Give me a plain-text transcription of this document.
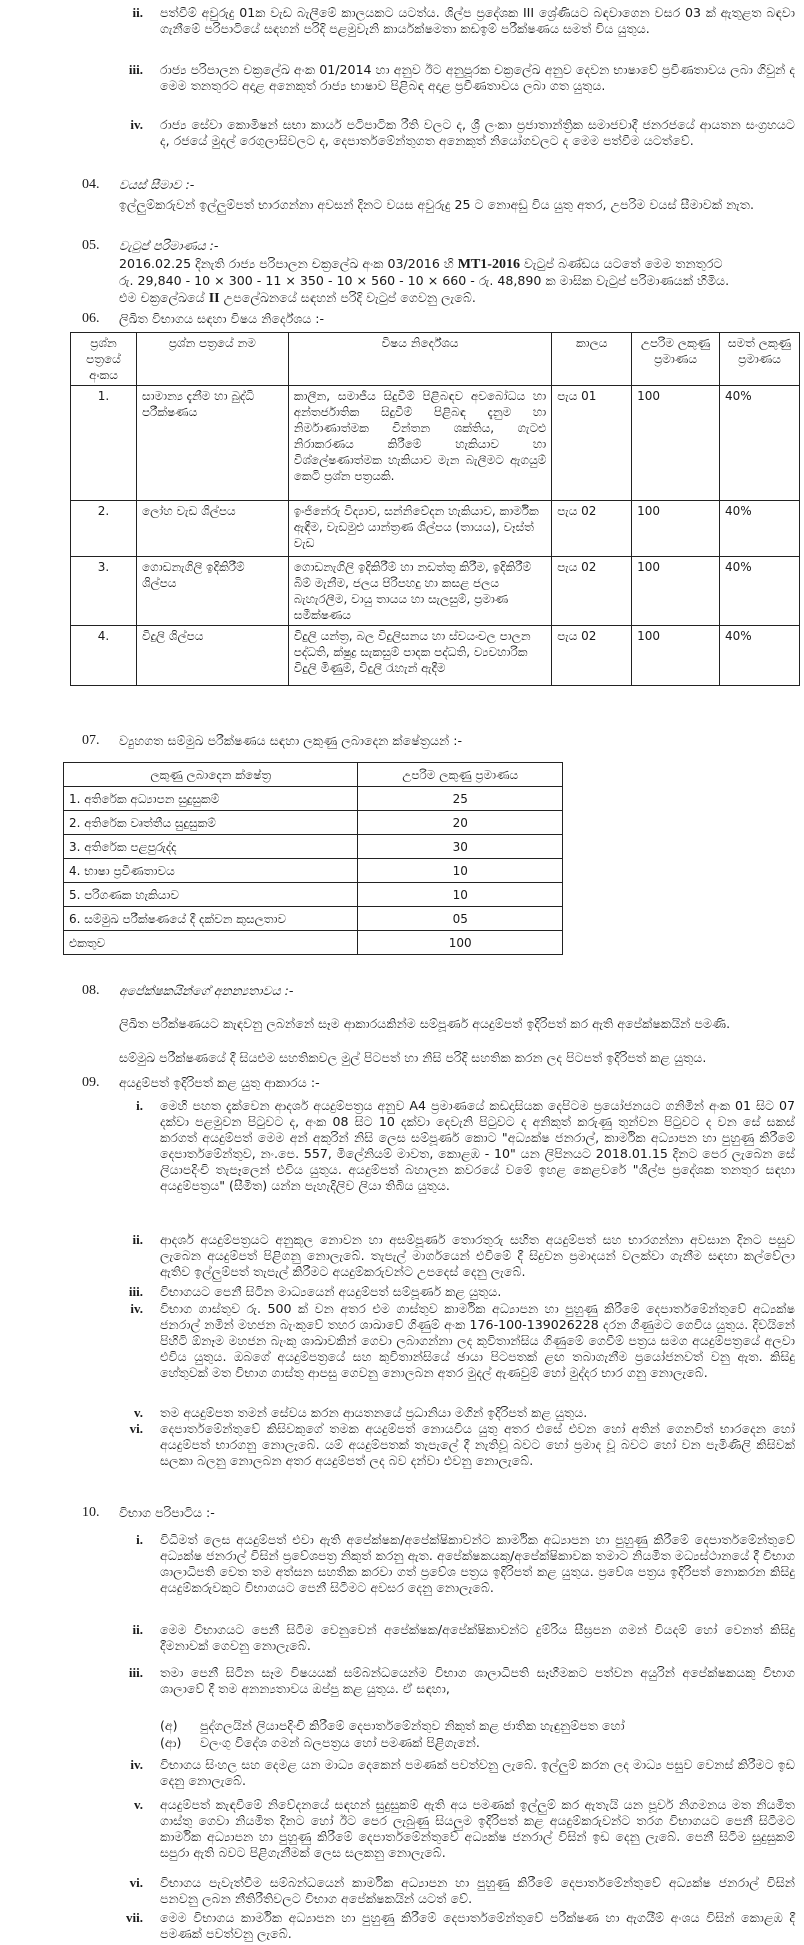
ii. පත්වීම් අවුරුදු 01ක වැඩ බැලීමේ කාලයකට යටත්ය. ශිල්ප ප්‍රදේශක III ශ්‍රේණියට බඳවාගෙන වසර 03 ක් ඇතුළත බඳවා ගැනීමේ පරිපාටියේ සඳහන් පරිදි පළමුවැනි කාර්යක්ෂමතා කඩඉම් පරීක්ෂණය සමත් විය යුතුය.
iii. රාජ්‍ය පරිපාලන චක්‍රලේඛ අංක 01/2014 හා අනුව ඊට අනුපූරක චක්‍රලේඛ අනුව දෙවන භාෂාවේ ප්‍රවීණතාවය ලබා ගිවුන් ද මෙම තනතුරට අදාළ අනෙකුත් රාජ්‍ය භාෂාව පිළිබඳ අදාළ ප්‍රවීණතාවය ලබා ගත යුතුය.
iv. රාජ්‍ය සේවා කොමිෂන් සභා කාර්ය පටිපාටික රීති වලට ද, ශ්‍රී ලංකා ප්‍රජාතාන්ත්‍රික සමාජවාදී ජනරජයේ ආයතන සංග්‍රහයට ද, රජයේ මුදල් රෙගුලාසිවලට ද, දෙපාර්තමේන්තුගත අනෙකුත් නියෝගවලට ද මෙම පත්වීම යටත්වේ.
04. වයස් සීමාව :-
ඉල්ලුම්කරුවන් ඉල්ලුම්පත් භාරගන්නා අවසන් දිනට වයස අවුරුදු 25 ට නොඅඩු විය යුතු අතර, උපරිම වයස් සීමාවක් නැත.
05. වැටුප් පරිමාණය :-
2016.02.25 දිනැති රාජ්‍ය පරිපාලන චක්‍රලේඛ අංක 03/2016 හි MT1-2016 වැටුප් බණ්ඩය යටතේ මෙම තනතුරට
රු. 29,840 - 10 × 300 - 11 × 350 - 10 × 560 - 10 × 660 - රු. 48,890 ක මාසික වැටුප් පරිමාණයක් හිමිය.
එම චක්‍රලේඛයේ II උපලේඛනයේ සඳහන් පරිදි වැටුප් ගෙවනු ලැබේ.
06. ලිඛිත විභාගය සඳහා විෂය නිර්දේශය :-
ප්‍රශ්න පත්‍රයේ අංකය	ප්‍රශ්න පත්‍රයේ නම	විෂය නිර්දේශය	කාලය	උපරිම ලකුණු ප්‍රමාණය	සමත් ලකුණු ප්‍රමාණය
1.	සාමාන්‍ය දැනීම හා බුද්ධි පරීක්ෂණය	කාලීන, සමාජීය සිදුවීම් පිළිබඳව අවබෝධය හා අන්තර්ජාතික සිදුවීම් පිළිබඳ දැනුම හා නිර්මාණාත්මක චින්තන ශක්තිය, ගැටළු නිරාකරණය කිරීමේ හැකියාව හා විශ්ලේෂණාත්මක හැකියාව මැන බැලීමට ඇගයුම් කෙටි ප්‍රශ්න පත්‍රයකි.	පැය 01	100	40%
2.	ලෝහ වැඩ ශිල්පය	ඉංජිනේරු විද්‍යාව, සන්නිවේදන හැකියාව, කාර්මික ඇඳීම, වැඩමුළු යාන්ත්‍රණ ශිල්පය (තායය), වෑස්ත් වැඩ	පැය 02	100	40%
3.	ගොඩනැගිලි ඉදිකිරීම් ශිල්පය	ගොඩනැගිලි ඉදිකිරීම් හා නඩත්තු කිරීම, ඉදිකිරීම් බිම් මැනීම, ජලය පිරිපහදු හා කසළ ජලය බැහැරලීම, වායු තායය හා සැලසුම්, ප්‍රමාණ සමීක්ෂණය	පැය 02	100	40%
4.	විදුලි ශිල්පය	විදුලි යන්ත්‍ර, බල විදුලිසනය හා ස්වයංචල පාලන පද්ධති, ක්ෂුද්‍ර සැකසුම් පාදක පද්ධති, ව්‍යවහාරික විදුලි මිණුම්, විදුලි රැහැන් ඇදීම	පැය 02	100	40%
07. ව්‍යුහගත සම්මුඛ පරීක්ෂණය සඳහා ලකුණු ලබාදෙන ක්ෂේත්‍රයන් :-
ලකුණු ලබාදෙන ක්ෂේත්‍ර	උපරිම ලකුණු ප්‍රමාණය
1. අතිරේක අධ්‍යාපන සුදුසුකම්	25
2. අතිරේක වෘත්තීය සුදුසුකම්	20
3. අතිරේක පළපුරුද්ද	30
4. භාෂා ප්‍රවීණතාවය	10
5. පරිගණක හැකියාව	10
6. සම්මුඛ පරීක්ෂණයේ දී දක්වන කුසලතාව	05
එකතුව	100
08. අපේක්ෂකයින්ගේ අනන්‍යතාවය :-
ලිඛිත පරීක්ෂණයට කැඳවනු ලබන්නේ සෑම ආකාරයකින්ම සම්පූර්ණ අයදුම්පත් ඉදිරිපත් කර ඇති අපේක්ෂකයින් පමණි.
සම්මුඛ පරීක්ෂණයේ දී සියළුම සහතිකවල මුල් පිටපත් හා නිසි පරිදි සහතික කරන ලද පිටපත් ඉදිරිපත් කළ යුතුය.
09. අයදුම්පත් ඉදිරිපත් කළ යුතු ආකාරය :-
i. මෙහි පහත දැක්වෙන ආදර්ශ අයදුම්පත්‍රය අනුව A4 ප්‍රමාණයේ කඩදාසියක දෙපිටම ප්‍රයෝජනයට ගනිමින් අංක 01 සිට 07 දක්වා පළමුවන පිටුවට ද, අංක 08 සිට 10 දක්වා දෙවැනි පිටුවට ද අනිකුත් කරුණු තුන්වන පිටුවට ද වන සේ සකස් කරගත් අයදුම්පත් මෙම අන් අකුරින් නිසි ලෙස සම්පූර්ණ කොට "අධ්‍යක්ෂ ජනරාල්, කාර්මික අධ්‍යාපන හා පුහුණු කිරීමේ දෙපාර්තමේන්තුව, නං.පෙ. 557, මිලේනියම් මාවත, කොළඹ - 10" යන ලිපිනයට 2018.01.15 දිනට පෙර ලැබෙන සේ ලියාපදිංචි තැපෑලෙන් එවිය යුතුය. අයදුම්පත් බහාලන කවරයේ වමේ ඉහළ කෙළවරේ "ශිල්ප ප්‍රදේශක තනතුර සඳහා අයදුම්පත්‍රය" (සීමිත) යන්න පැහැදිලිව ලියා තිබිය යුතුය.
ii. ආදර්ශ අයදුම්පත්‍රයට අනුකූල නොවන හා අසම්පූර්ණ තොරතුරු සහිත අයදුම්පත් සහ භාරගන්නා අවසාන දිනට පසුව ලැබෙන අයදුම්පත් පිළිගනු නොලැබේ. තැපැල් මාර්ගයෙන් එවීමේ දී සිදුවන ප්‍රමාදයන් වලක්වා ගැනීම සඳහා කල්වේලා ඇතිව ඉල්ලුම්පත් තැපැල් කිරීමට අයදුම්කරුවන්ට උපදෙස් දෙනු ලැබේ.
iii. විභාගයට පෙනී සිටින මාධ්‍යයෙන් අයදුම්පත් සම්පූර්ණ කළ යුතුය.
iv. විභාග ගාස්තුව රු. 500 ක් වන අතර එම ගාස්තුව කාර්මික අධ්‍යාපන හා පුහුණු කිරීමේ දෙපාර්තමේන්තුවේ අධ්‍යක්ෂ ජනරාල් නමින් මහජන බැංකුවේ තහර ශාඛාවේ ගිණුම් අංක 176-100-139026228 දරන ගිණුමට ගෙවිය යුතුය. දිවයිනේ පිහිටි ඕනෑම මහජන බැංකු ශාඛාවකින් ගෙවා ලබාගන්නා ලද කුවිතාන්සිය ගිණුමේ ගෙවීම් පත්‍රය සමග අයදුම්පත්‍රයේ අලවා එවිය යුතුය. ඔබගේ අයදුම්පත්‍රයේ සහ කුවිතාන්සියේ ඡායා පිටපතක් ළඟ තබාගැනීම ප්‍රයෝජනවත් වනු ඇත. කිසිදු හේතුවක් මත විභාග ගාස්තු ආපසු ගෙවනු නොලබන අතර මුදල් ඇණවුම් හෝ මුද්දර භාර ගනු නොලැබේ.
v. තම අයදුම්පත තමන් සේවය කරන ආයතනයේ ප්‍රධානියා මගින් ඉදිරිපත් කළ යුතුය.
vi. දෙපාර්තමේන්තුවේ කිසිවකුගේ තමක අයදුම්පත් නොයවිය යුතු අතර එසේ එවන හෝ අතින් ගෙනවිත් භාරදෙන හෝ අයදුම්පත් භාරගනු නොලැබේ. යම් අයදුම්පතක් තැපැලේ දී නැතිවූ බවට හෝ ප්‍රමාද වූ බවට හෝ වන පැමිණිලි කිසිවක් සලකා බලනු නොලබන අතර අයදුම්පත් ලද බව දන්වා එවනු නොලැබේ.
10. විභාග පරිපාටිය :-
i. විධිමත් ලෙස අයදුම්පත් එවා ඇති අපේක්ෂක/අපේක්ෂිකාවන්ට කාර්මික අධ්‍යාපන හා පුහුණු කිරීමේ දෙපාර්තමේන්තුවේ අධ්‍යක්ෂ ජනරාල් විසින් ප්‍රවේශපත්‍ර නිකුත් කරනු ඇත. අපේක්ෂකයකු/අපේක්ෂිකාවක තමාට නියමිත මධ්‍යස්ථානයේ දී විභාග ශාලාධිපති වෙත තම අත්සන සහතික කරවා ගත් ප්‍රවේශ පත්‍රය ඉදිරිපත් කළ යුතුය. ප්‍රවේශ පත්‍රය ඉදිරිපත් නොකරන කිසිදු අයදුම්කරුවකුට විභාගයට පෙනී සිටීමට අවසර දෙනු නොලැබේ.
ii. මෙම විභාගයට පෙනී සිටීම වෙනුවෙන් අපේක්ෂක/අපේක්ෂිකාවන්ට දුම්රිය සීඝ්‍රපන ගමන් වියදම් හෝ වෙනත් කිසිදු දීමනාවක් ගෙවනු නොලැබේ.
iii. තමා පෙනී සිටින සෑම විෂයයක් සම්බන්ධයෙන්ම විභාග ශාලාධිපති සෑහීමකට පත්වන අයුරින් අපේක්ෂකයකු විභාග ශාලාවේ දී තම අනන්‍යතාවය ඔප්පු කළ යුතුය. ඒ සඳහා,
(අ) පුද්ගලයින් ලියාපදිංචි කිරීමේ දෙපාර්තමේන්තුව නිකුත් කළ ජාතික හැඳුනුම්පත හෝ
(ආ) වලංගු විදේශ ගමන් බලපත්‍රය හෝ පමණක් පිළිගැනේ.
iv. විභාගය සිංහල සහ දෙමළ යන මාධ්‍ය දෙකෙන් පමණක් පවත්වනු ලැබේ. ඉල්ලුම් කරන ලද මාධ්‍ය පසුව වෙනස් කිරීමට ඉඩ දෙනු නොලැබේ.
v. අයදුම්පත් කැඳවීමේ නිවේදනයේ සඳහන් සුදුසුකම් ඇති අය පමණක් ඉල්ලුම් කර ඇතැයි යන පූර්ව නිගමනය මත නියමිත ගාස්තු ගෙවා නියමිත දිනට හෝ ඊට පෙර ලැබුණු සියලුම ඉදිරිපත් කළ අයදුම්කරුවන්ට තරග විභාගයට පෙනී සිටීමට කාර්මික අධ්‍යාපන හා පුහුණු කිරීමේ දෙපාර්තමේන්තුවේ අධ්‍යක්ෂ ජනරාල් විසින් ඉඩ දෙනු ලැබේ. පෙනී සිටීම සුදුසුකම් සපුරා ඇති බවට පිළිගැනීමක් ලෙස සලකනු නොලැබේ.
vi. විභාගය පැවැත්වීම සම්බන්ධයෙන් කාර්මික අධ්‍යාපන හා පුහුණු කිරීමේ දෙපාර්තමේන්තුවේ අධ්‍යක්ෂ ජනරාල් විසින් පනවනු ලබන නීතිරීතිවලට විභාග අපේක්ෂකයින් යටත් වේ.
vii. මෙම විභාගය කාර්මික අධ්‍යාපන හා පුහුණු කිරීමේ දෙපාර්තමේන්තුවේ පරීක්ෂණ හා ඇගයීම් අංශය විසින් කොළඹ දී පමණක් පවත්වනු ලැබේ.
